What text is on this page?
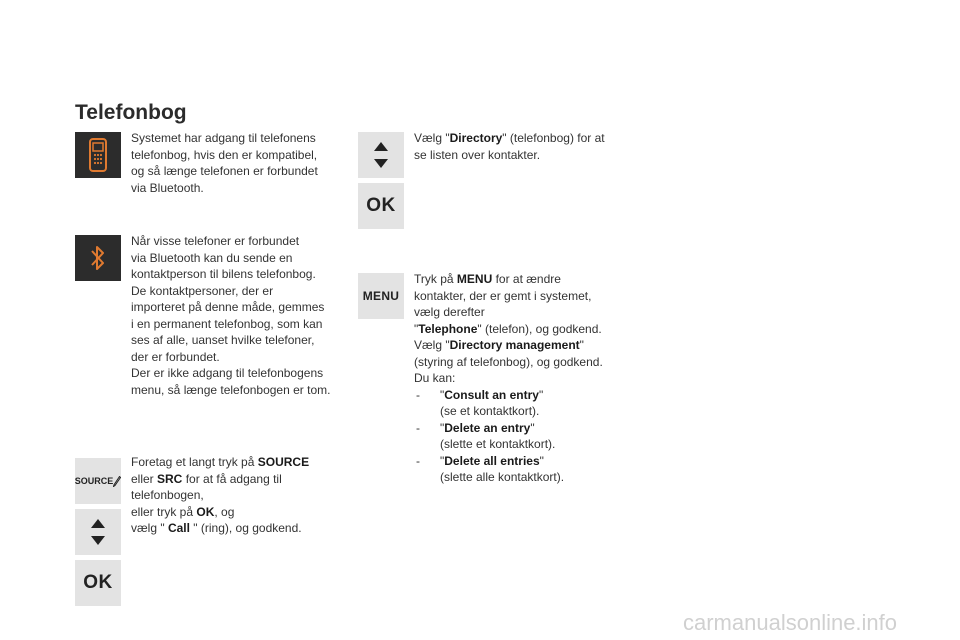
Telefonbog
SOURCE
OK
OK
MENU
Systemet har adgang til telefonens
telefonbog, hvis den er kompatibel,
og så længe telefonen er forbundet
via Bluetooth.
Når visse telefoner er forbundet
via Bluetooth kan du sende en
kontaktperson til bilens telefonbog.
De kontaktpersoner, der er
importeret på denne måde, gemmes
i en permanent telefonbog, som kan
ses af alle, uanset hvilke telefoner,
der er forbundet.
Der er ikke adgang til telefonbogens
menu, så længe telefonbogen er tom.
Foretag et langt tryk på SOURCE
eller SRC for at få adgang til
telefonbogen,
eller tryk på OK, og
vælg " Call " (ring), og godkend.
Vælg "Directory" (telefonbog) for at
se listen over kontakter.
Tryk på MENU for at ændre
kontakter, der er gemt i systemet,
vælg derefter
"Telephone" (telefon), og godkend.
Vælg "Directory management"
(styring af telefonbog), og godkend.
Du kan:
- "Consult an entry"
(se et kontaktkort).
- "Delete an entry"
(slette et kontaktkort).
- "Delete all entries"
(slette alle kontaktkort).
carmanualsonline.info
